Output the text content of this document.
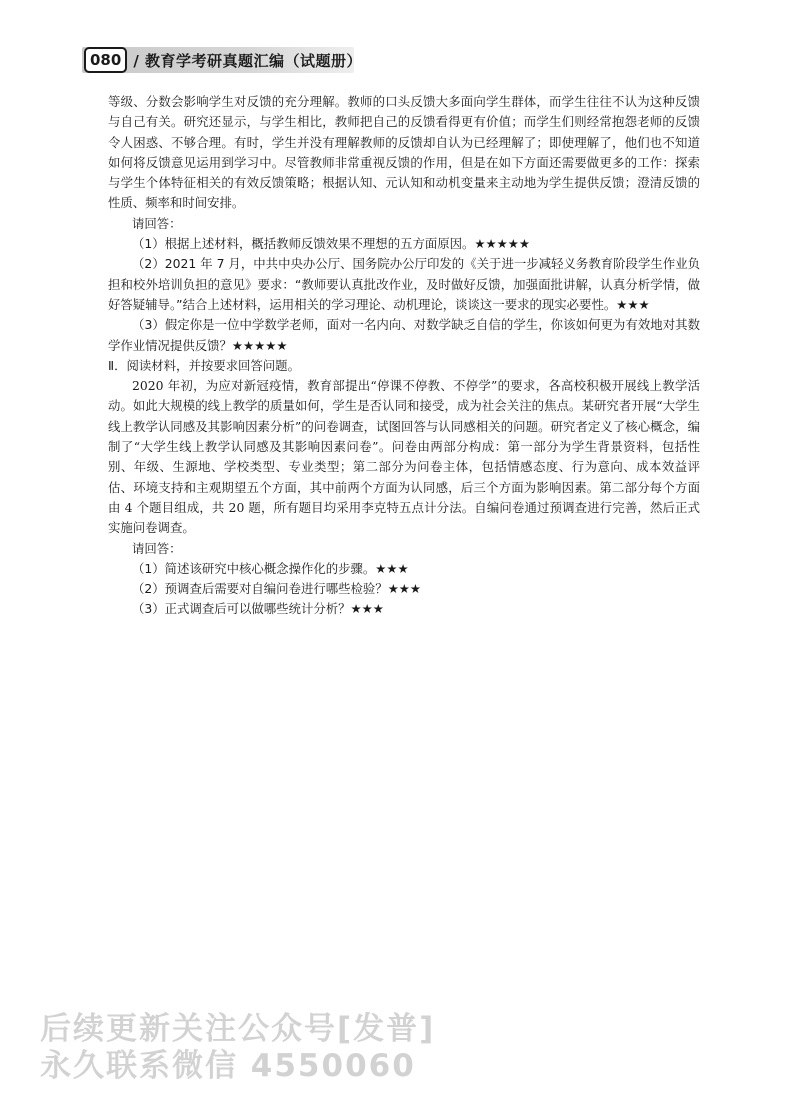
080 / 教育学考研真题汇编（试题册）

等级、分数会影响学生对反馈的充分理解。教师的口头反馈大多面向学生群体，而学生往往不认为这种反馈与自己有关。研究还显示，与学生相比，教师把自己的反馈看得更有价值；而学生们则经常抱怨老师的反馈令人困惑、不够合理。有时，学生并没有理解教师的反馈却自认为已经理解了；即使理解了，他们也不知道如何将反馈意见运用到学习中。尽管教师非常重视反馈的作用，但是在如下方面还需要做更多的工作：探索与学生个体特征相关的有效反馈策略；根据认知、元认知和动机变量来主动地为学生提供反馈；澄清反馈的性质、频率和时间安排。

请回答：

（1）根据上述材料，概括教师反馈效果不理想的五方面原因。★★★★★

（2）2021 年 7 月，中共中央办公厅、国务院办公厅印发的《关于进一步减轻义务教育阶段学生作业负担和校外培训负担的意见》要求：“教师要认真批改作业，及时做好反馈，加强面批讲解，认真分析学情，做好答疑辅导。”结合上述材料，运用相关的学习理论、动机理论，谈谈这一要求的现实必要性。★★★

（3）假定你是一位中学数学老师，面对一名内向、对数学缺乏自信的学生，你该如何更为有效地对其数学作业情况提供反馈？★★★★★

Ⅱ．阅读材料，并按要求回答问题。

2020 年初，为应对新冠疫情，教育部提出“停课不停教、不停学”的要求，各高校积极开展线上教学活动。如此大规模的线上教学的质量如何，学生是否认同和接受，成为社会关注的焦点。某研究者开展“大学生线上教学认同感及其影响因素分析”的问卷调查，试图回答与认同感相关的问题。研究者定义了核心概念，编制了“大学生线上教学认同感及其影响因素问卷”。问卷由两部分构成：第一部分为学生背景资料，包括性别、年级、生源地、学校类型、专业类型；第二部分为问卷主体，包括情感态度、行为意向、成本效益评估、环境支持和主观期望五个方面，其中前两个方面为认同感，后三个方面为影响因素。第二部分每个方面由 4 个题目组成，共 20 题，所有题目均采用李克特五点计分法。自编问卷通过预调查进行完善，然后正式实施问卷调查。

请回答：

（1）简述该研究中核心概念操作化的步骤。★★★

（2）预调查后需要对自编问卷进行哪些检验？★★★

（3）正式调查后可以做哪些统计分析？★★★

后续更新关注公众号[发普]
永久联系微信 4550060
